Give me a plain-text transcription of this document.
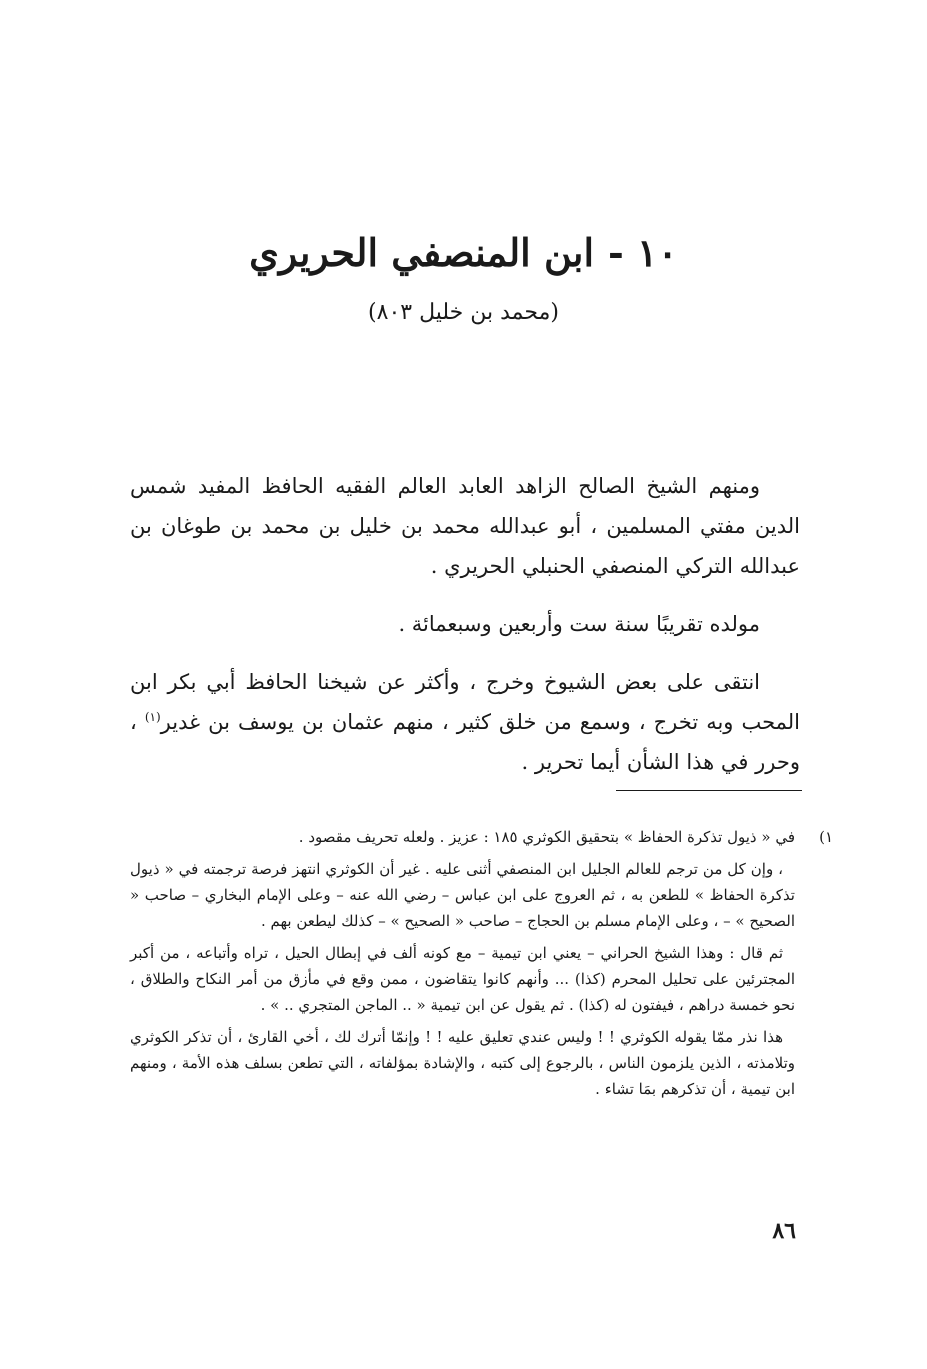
١٠ -ابن المنصفي الحريري
(محمد بن خليل ٨٠٣)

ومنهم الشيخ الصالح الزاهد العابد العالم الفقيه الحافظ المفيد شمس الدين مفتي المسلمين ، أبو عبدالله محمد بن خليل بن محمد بن طوغان بن عبدالله التركي المنصفي الحنبلي الحريري .

مولده تقريبًا سنة ست وأربعين وسبعمائة .

انتقى على بعض الشيوخ وخرج ، وأكثر عن شيخنا الحافظ أبي بكر ابن المحب وبه تخرج ، وسمع من خلق كثير ، منهم عثمان بن يوسف بن غدير$^{(١)}$ ، وحرر في هذا الشأن أيما تحرير .

١)
في « ذيول تذكرة الحفاظ » بتحقيق الكوثري ١٨٥ : عزيز . ولعله تحريف مقصود .

، وإن كل من ترجم للعالم الجليل ابن المنصفي أثنى عليه . غير أن الكوثري انتهز فرصة ترجمته في « ذيول تذكرة الحفاظ » للطعن به ، ثم العروج على ابن عباس – رضي الله عنه – وعلى الإمام البخاري – صاحب « الصحيح » – ، وعلى الإمام مسلم بن الحجاج – صاحب « الصحيح » – كذلك ليطعن بهم .

ثم قال : وهذا الشيخ الحراني – يعني ابن تيمية – مع كونه ألف في إبطال الحيل ، تراه وأتباعه ، من أكبر المجترئين على تحليل المحرم (كذا) ... وأنهم كانوا يتقاضون ، ممن وقع في مأزق من أمر النكاح والطلاق ، نحو خمسة دراهم ، فيفتون له (كذا) . ثم يقول عن ابن تيمية « .. الماجن المتجري .. » .

هذا نذر ممّا يقوله الكوثري ! ! وليس عندي تعليق عليه ! ! وإنمّا أترك لك ، أخي القارئ ، أن تذكر الكوثري وتلامذته ، الذين يلزمون الناس ، بالرجوع إلى كتبه ، والإشادة بمؤلفاته ، التي تطعن بسلف هذه الأمة ، ومنهم ابن تيمية ، أن تذكرهم بمَا تشاء .

٨٦
